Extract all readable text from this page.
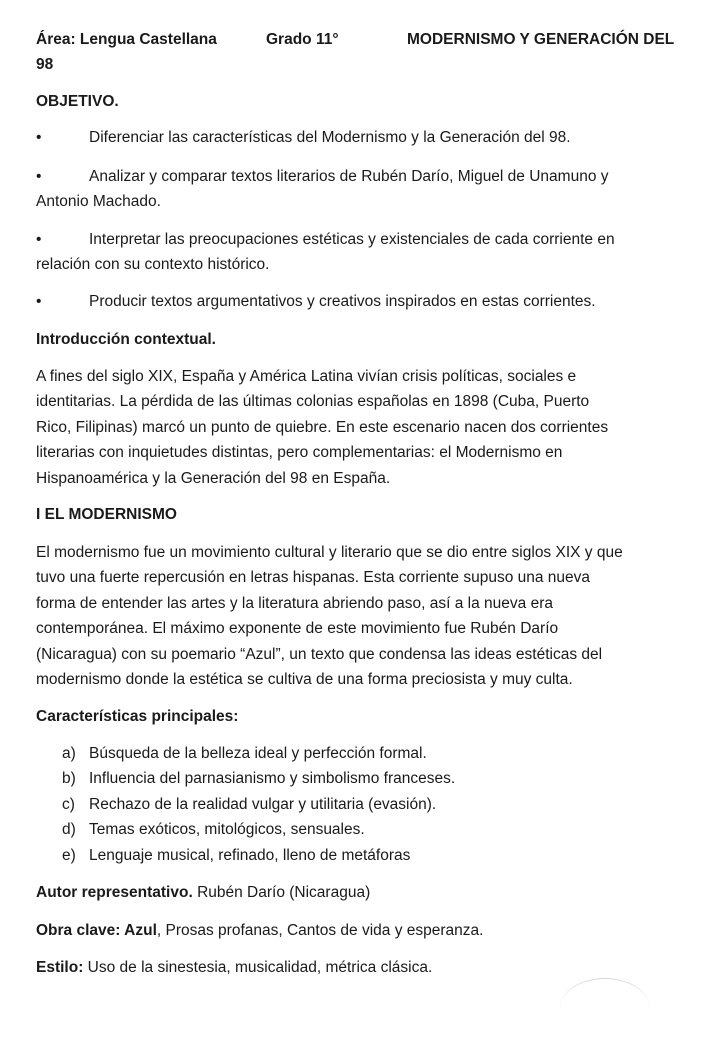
Área: Lengua Castellana	Grado 11°	MODERNISMO Y GENERACIÓN DEL
98
OBJETIVO.
•	Diferenciar las características del Modernismo y la Generación del 98.
•	Analizar y comparar textos literarios de Rubén Darío, Miguel de Unamuno y
Antonio Machado.
•	Interpretar las preocupaciones estéticas y existenciales de cada corriente en
relación con su contexto histórico.
•	Producir textos argumentativos y creativos inspirados en estas corrientes.
Introducción contextual.
A fines del siglo XIX, España y América Latina vivían crisis políticas, sociales e
identitarias. La pérdida de las últimas colonias españolas en 1898 (Cuba, Puerto
Rico, Filipinas) marcó un punto de quiebre. En este escenario nacen dos corrientes
literarias con inquietudes distintas, pero complementarias: el Modernismo en
Hispanoamérica y la Generación del 98 en España.
I EL MODERNISMO
El modernismo fue un movimiento cultural y literario que se dio entre siglos XIX y que
tuvo una fuerte repercusión en letras hispanas. Esta corriente supuso una nueva
forma de entender las artes y la literatura abriendo paso, así a la nueva era
contemporánea. El máximo exponente de este movimiento fue Rubén Darío
(Nicaragua) con su poemario “Azul”, un texto que condensa las ideas estéticas del
modernismo donde la estética se cultiva de una forma preciosista y muy culta.
Características principales:
a) Búsqueda de la belleza ideal y perfección formal.
b) Influencia del parnasianismo y simbolismo franceses.
c) Rechazo de la realidad vulgar y utilitaria (evasión).
d) Temas exóticos, mitológicos, sensuales.
e) Lenguaje musical, refinado, lleno de metáforas
Autor representativo. Rubén Darío (Nicaragua)
Obra clave: Azul, Prosas profanas, Cantos de vida y esperanza.
Estilo: Uso de la sinestesia, musicalidad, métrica clásica.
